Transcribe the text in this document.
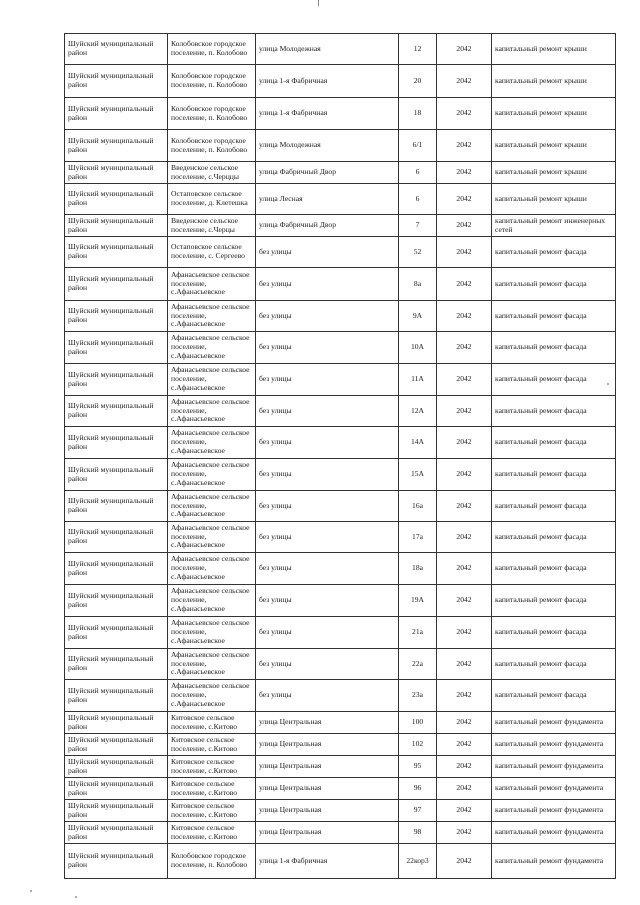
Шуйский муниципальный район	Колобовское городское поселение, п. Колобово	улица Молодежная	12	2042	капитальный ремонт крыши
Шуйский муниципальный район	Колобовское городское поселение, п. Колобово	улица 1-я Фабричная	20	2042	капитальный ремонт крыши
Шуйский муниципальный район	Колобовское городское поселение, п. Колобово	улица 1-я Фабричная	18	2042	капитальный ремонт крыши
Шуйский муниципальный район	Колобовское городское поселение, п. Колобово	улица Молодежная	6/1	2042	капитальный ремонт крыши
Шуйский муниципальный район	Введенское сельское поселение, с.Черццы	улица Фабричный Двор	6	2042	капитальный ремонт крыши
Шуйский муниципальный район	Остаповское сельское поселение, д. Клетешка	улица Лесная	6	2042	капитальный ремонт крыши
Шуйский муниципальный район	Введенское сельское поселение, с.Черцы	улица Фабричный Двор	7	2042	капитальный ремонт инженерных сетей
Шуйский муниципальный район	Остаповское сельское поселение, с. Сергеево	без улицы	52	2042	капитальный ремонт фасада
Шуйский муниципальный район	Афанасьевское сельское поселение, с.Афанасьевское	без улицы	8а	2042	капитальный ремонт фасада
Шуйский муниципальный район	Афанасьевское сельское поселение, с.Афанасьевское	без улицы	9А	2042	капитальный ремонт фасада
Шуйский муниципальный район	Афанасьевское сельское поселение, с.Афанасьевское	без улицы	10А	2042	капитальный ремонт фасада
Шуйский муниципальный район	Афанасьевское сельское поселение, с.Афанасьевское	без улицы	11А	2042	капитальный ремонт фасада
Шуйский муниципальный район	Афанасьевское сельское поселение, с.Афанасьевское	без улицы	12А	2042	капитальный ремонт фасада
Шуйский муниципальный район	Афанасьевское сельское поселение, с.Афанасьевское	без улицы	14А	2042	капитальный ремонт фасада
Шуйский муниципальный район	Афанасьевское сельское поселение, с.Афанасьевское	без улицы	15А	2042	капитальный ремонт фасада
Шуйский муниципальный район	Афанасьевское сельское поселение, с.Афанасьевское	без улицы	16а	2042	капитальный ремонт фасада
Шуйский муниципальный район	Афанасьевское сельское поселение, с.Афанасьевское	без улицы	17а	2042	капитальный ремонт фасада
Шуйский муниципальный район	Афанасьевское сельское поселение, с.Афанасьевское	без улицы	18а	2042	капитальный ремонт фасада
Шуйский муниципальный район	Афанасьевское сельское поселение, с.Афанасьевское	без улицы	19А	2042	капитальный ремонт фасада
Шуйский муниципальный район	Афанасьевское сельское поселение, с.Афанасьевское	без улицы	21а	2042	капитальный ремонт фасада
Шуйский муниципальный район	Афанасьевское сельское поселение, с.Афанасьевское	без улицы	22а	2042	капитальный ремонт фасада
Шуйский муниципальный район	Афанасьевское сельское поселение, с.Афанасьевское	без улицы	23а	2042	капитальный ремонт фасада
Шуйский муниципальный район	Китовское сельское поселение, с.Китово	улица Центральная	100	2042	капитальный ремонт фундамента
Шуйский муниципальный район	Китовское сельское поселение, с.Китово	улица Центральная	102	2042	капитальный ремонт фундамента
Шуйский муниципальный район	Китовское сельское поселение, с.Китово	улица Центральная	95	2042	капитальный ремонт фундамента
Шуйский муниципальный район	Китовское сельское поселение, с.Китово	улица Центральная	96	2042	капитальный ремонт фундамента
Шуйский муниципальный район	Китовское сельское поселение, с.Китово	улица Центральная	97	2042	капитальный ремонт фундамента
Шуйский муниципальный район	Китовское сельское поселение, с.Китово	улица Центральная	98	2042	капитальный ремонт фундамента
Шуйский муниципальный район	Колобовское городское поселение, п. Колобово	улица 1-я Фабричная	22кор3	2042	капитальный ремонт фундамента
